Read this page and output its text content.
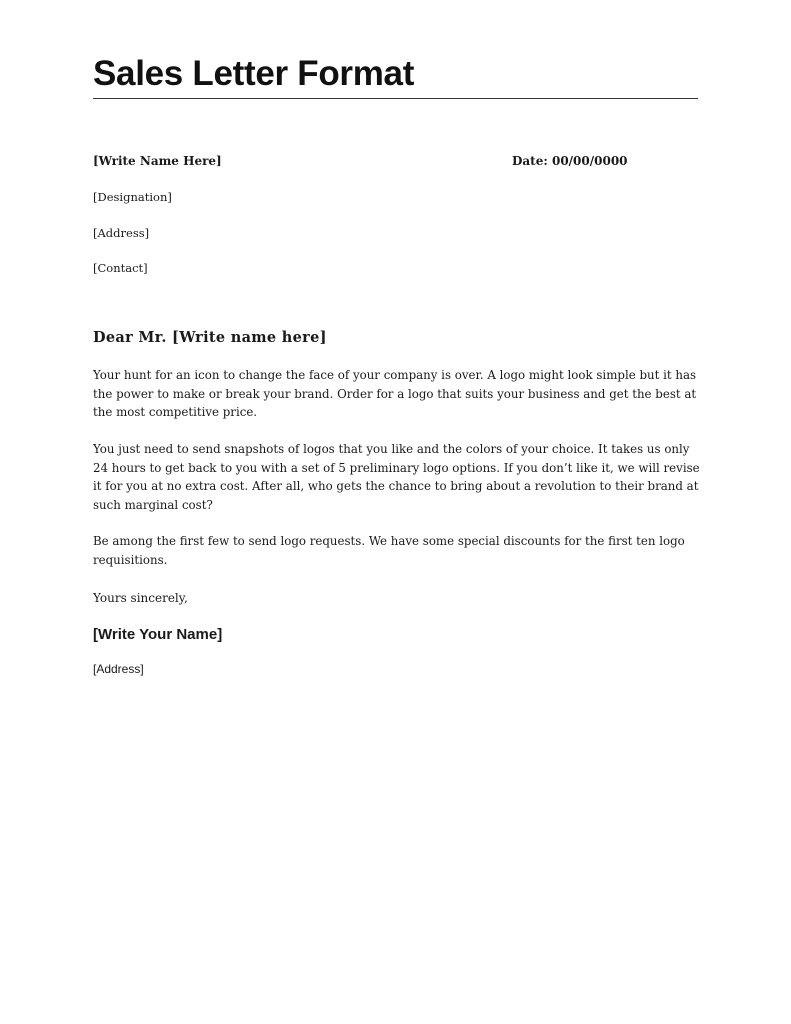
Sales Letter Format
[Write Name Here]	Date: 00/00/0000
[Designation]
[Address]
[Contact]
Dear Mr. [Write name here]

Your hunt for an icon to change the face of your company is over. A logo might look simple but it has the power to make or break your brand. Order for a logo that suits your business and get the best at the most competitive price.

You just need to send snapshots of logos that you like and the colors of your choice. It takes us only 24 hours to get back to you with a set of 5 preliminary logo options. If you don’t like it, we will revise it for you at no extra cost. After all, who gets the chance to bring about a revolution to their brand at such marginal cost?

Be among the first few to send logo requests. We have some special discounts for the first ten logo requisitions.

Yours sincerely,
[Write Your Name]
[Address]
